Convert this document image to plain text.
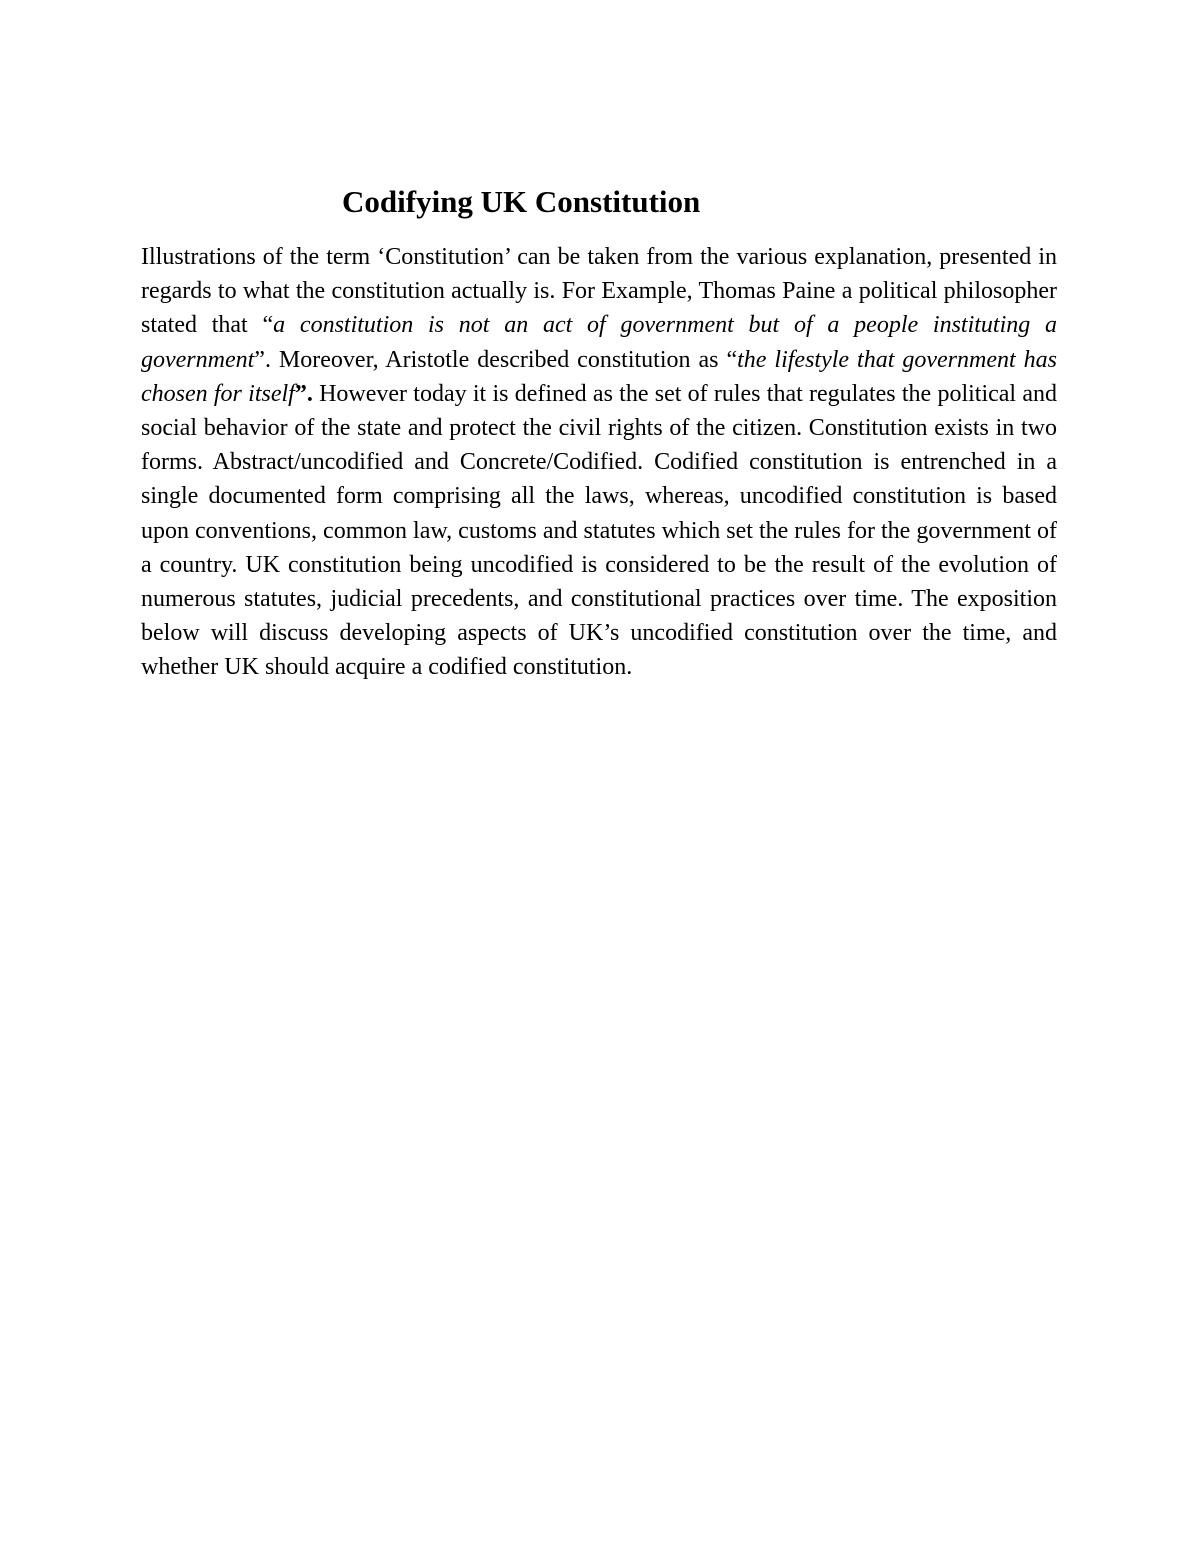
Codifying UK Constitution

Illustrations of the term ‘Constitution’ can be taken from the various explanation, presented in regards to what the constitution actually is. For Example, Thomas Paine a political philosopher stated that “a constitution is not an act of government but of a people instituting a government”. Moreover, Aristotle described constitution as “the lifestyle that government has chosen for itself”. However today it is defined as the set of rules that regulates the political and social behavior of the state and protect the civil rights of the citizen. Constitution exists in two forms. Abstract/uncodified and Concrete/Codified. Codified constitution is entrenched in a single documented form comprising all the laws, whereas, uncodified constitution is based upon conventions, common law, customs and statutes which set the rules for the government of a country. UK constitution being uncodified is considered to be the result of the evolution of numerous statutes, judicial precedents, and constitutional practices over time. The exposition below will discuss developing aspects of UK’s uncodified constitution over the time, and whether UK should acquire a codified constitution.
